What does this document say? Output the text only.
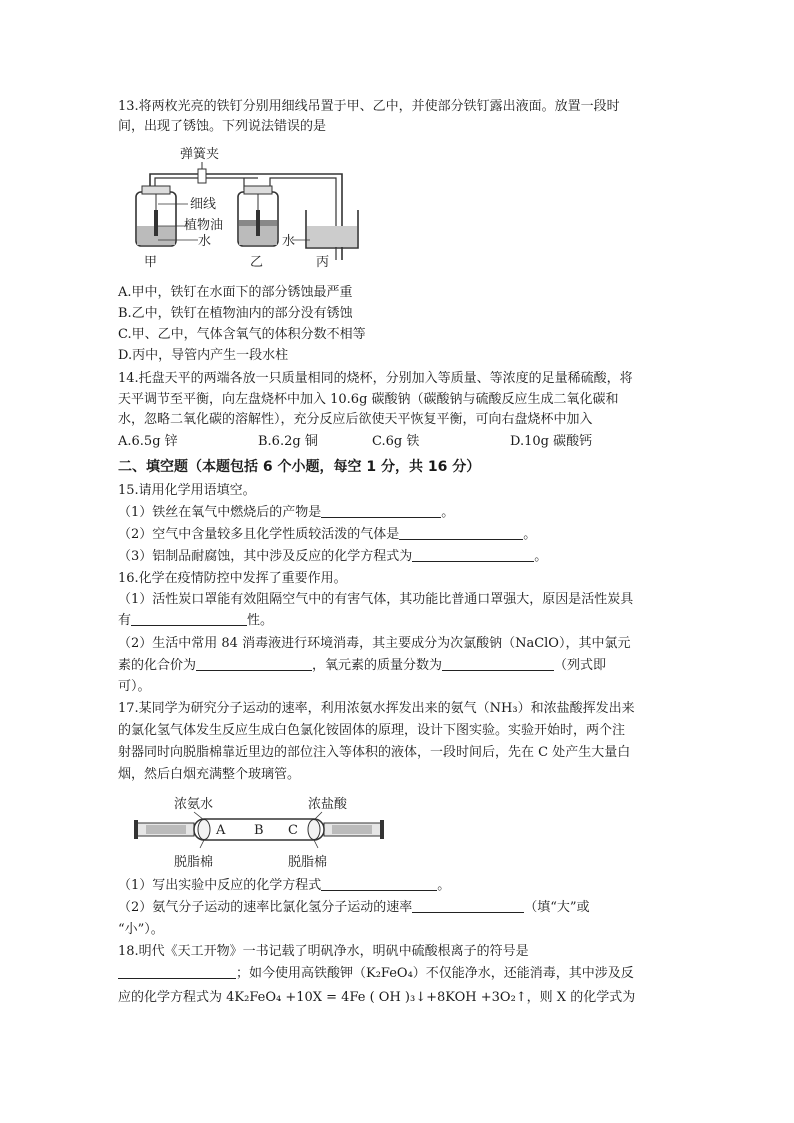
13.将两枚光亮的铁钉分别用细线吊置于甲、乙中，并使部分铁钉露出液面。放置一段时
间，出现了锈蚀。下列说法错误的是
弹簧夹
细线
植物油
水	水
甲	乙	丙
A.甲中，铁钉在水面下的部分锈蚀最严重
B.乙中，铁钉在植物油内的部分没有锈蚀
C.甲、乙中，气体含氧气的体积分数不相等
D.丙中，导管内产生一段水柱
14.托盘天平的两端各放一只质量相同的烧杯，分别加入等质量、等浓度的足量稀硫酸，将
天平调节至平衡，向左盘烧杯中加入 10.6g 碳酸钠（碳酸钠与硫酸反应生成二氧化碳和
水，忽略二氧化碳的溶解性），充分反应后欲使天平恢复平衡，可向右盘烧杯中加入
A.6.5g 锌	B.6.2g 铜	C.6g 铁	D.10g 碳酸钙
二、填空题（本题包括 6 个小题，每空 1 分，共 16 分）
15.请用化学用语填空。
（1）铁丝在氧气中燃烧后的产物是	。
（2）空气中含量较多且化学性质较活泼的气体是	。
（3）铝制品耐腐蚀，其中涉及反应的化学方程式为	。
16.化学在疫情防控中发挥了重要作用。
（1）活性炭口罩能有效阻隔空气中的有害气体，其功能比普通口罩强大，原因是活性炭具
有	性。
（2）生活中常用 84 消毒液进行环境消毒，其主要成分为次氯酸钠（NaClO），其中氯元
素的化合价为	，氧元素的质量分数为	（列式即
可）。
17.某同学为研究分子运动的速率，利用浓氨水挥发出来的氨气（NH₃）和浓盐酸挥发出来
的氯化氢气体发生反应生成白色氯化铵固体的原理，设计下图实验。实验开始时，两个注
射器同时向脱脂棉靠近里边的部位注入等体积的液体，一段时间后，先在 C 处产生大量白
烟，然后白烟充满整个玻璃管。
浓氨水	浓盐酸
A B C
脱脂棉	脱脂棉
（1）写出实验中反应的化学方程式	。
（2）氨气分子运动的速率比氯化氢分子运动的速率	（填“大”或
“小”）。
18.明代《天工开物》一书记载了明矾净水，明矾中硫酸根离子的符号是
；如今使用高铁酸钾（K₂FeO₄）不仅能净水，还能消毒，其中涉及反
应的化学方程式为 4K₂FeO₄ +10X = 4Fe ( OH )₃↓+8KOH +3O₂↑，则 X 的化学式为
